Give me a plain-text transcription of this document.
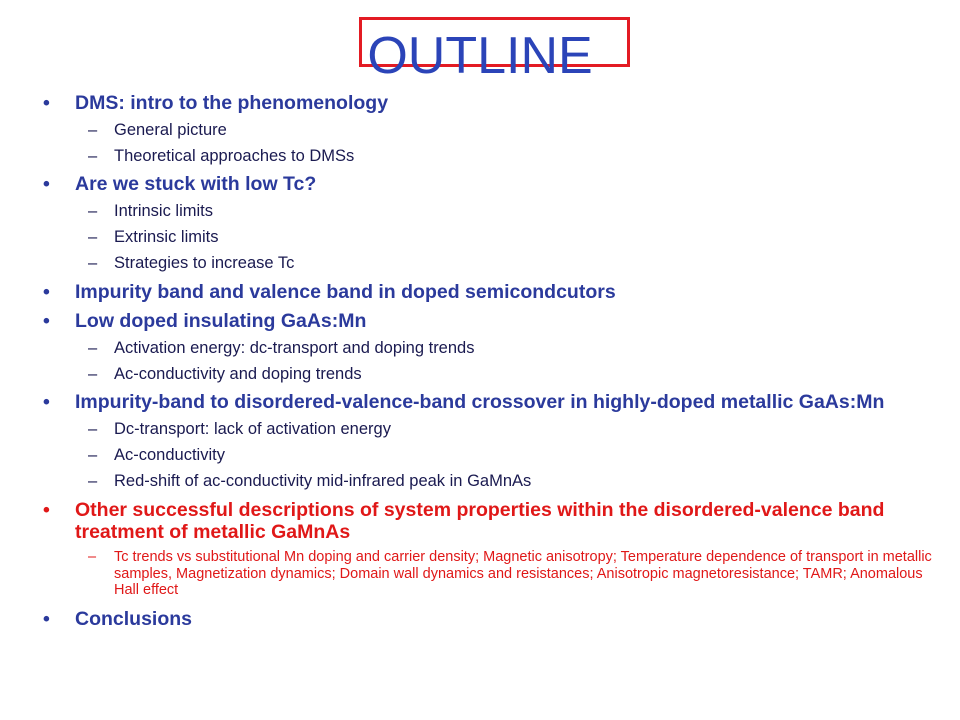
OUTLINE
• DMS: intro to the phenomenology
– General picture
– Theoretical approaches to DMSs
• Are we stuck with low Tc?
– Intrinsic limits
– Extrinsic limits
– Strategies to increase Tc
• Impurity band and valence band in doped semicondcutors
• Low doped insulating GaAs:Mn
– Activation energy: dc-transport and doping trends
– Ac-conductivity and doping trends
• Impurity-band to disordered-valence-band crossover in highly-doped metallic GaAs:Mn
– Dc-transport: lack of activation energy
– Ac-conductivity
– Red-shift of ac-conductivity mid-infrared peak in GaMnAs
• Other successful descriptions of system properties within the disordered-valence band treatment of metallic GaMnAs
– Tc trends vs substitutional Mn doping and carrier density; Magnetic anisotropy; Temperature dependence of transport in metallic samples, Magnetization dynamics; Domain wall dynamics and resistances; Anisotropic magnetoresistance; TAMR; Anomalous Hall effect
• Conclusions
